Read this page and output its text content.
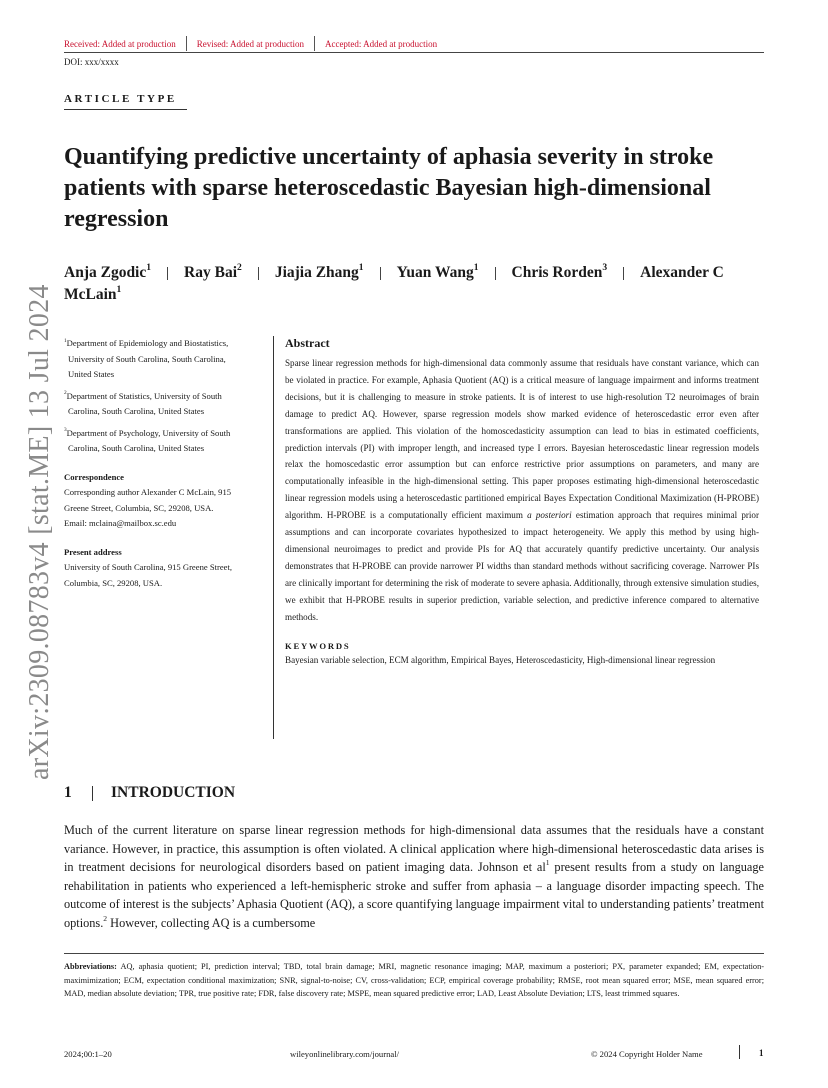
Received: Added at production	Revised: Added at production	Accepted: Added at production
DOI: xxx/xxxx
ARTICLE TYPE
Quantifying predictive uncertainty of aphasia severity in stroke patients with sparse heteroscedastic Bayesian high-dimensional regression
Anja Zgodic$^1$ Ray Bai$^2$ Jiajia Zhang$^1$ Yuan Wang$^1$ Chris Rorden$^3$ Alexander C McLain$^1$
arXiv:2309.08783v4 [stat.ME] 13 Jul 2024 $^1$Department of Epidemiology and Biostatistics,
University of South Carolina, South Carolina,
United States
$^2$Department of Statistics, University of South
Carolina, South Carolina, United States
$^3$Department of Psychology, University of South
Carolina, South Carolina, United States
Correspondence
Corresponding author Alexander C McLain, 915
Greene Street, Columbia, SC, 29208, USA.
Email: mclaina@mailbox.sc.edu
Present address
University of South Carolina, 915 Greene Street,
Columbia, SC, 29208, USA.
Abstract

Sparse linear regression methods for high-dimensional data commonly assume that residuals have constant variance, which can be violated in practice. For example, Aphasia Quotient (AQ) is a critical measure of language impairment and informs treatment decisions, but it is challenging to measure in stroke patients. It is of interest to use high-resolution T2 neuroimages of brain damage to predict AQ. However, sparse regression models show marked evidence of heteroscedastic error even after transformations are applied. This violation of the homoscedasticity assumption can lead to bias in estimated coefficients, prediction intervals (PI) with improper length, and increased type I errors. Bayesian heteroscedastic linear regression models relax the homoscedastic error assumption but can enforce restrictive prior assumptions on parameters, and many are computationally infeasible in the high-dimensional setting. This paper proposes estimating high-dimensional heteroscedastic linear regression models using a heteroscedastic partitioned empirical Bayes Expectation Conditional Maximization (H-PROBE) algorithm. H-PROBE is a computationally efficient maximum a posteriori estimation approach that requires minimal prior assumptions and can incorporate covariates hypothesized to impact heterogeneity. We apply this method by using high-dimensional neuroimages to predict and provide PIs for AQ that accurately quantify predictive uncertainty. Our analysis demonstrates that H-PROBE can provide narrower PI widths than standard methods without sacrificing coverage. Narrower PIs are clinically important for determining the risk of moderate to severe aphasia. Additionally, through extensive simulation studies, we exhibit that H-PROBE results in superior prediction, variable selection, and predictive inference compared to alternative methods.

KEYWORDS
Bayesian variable selection, ECM algorithm, Empirical Bayes, Heteroscedasticity, High-dimensional linear regression
1	INTRODUCTION

Much of the current literature on sparse linear regression methods for high-dimensional data assumes that the residuals have a constant variance. However, in practice, this assumption is often violated. A clinical application where high-dimensional heteroscedastic data arises is in treatment decisions for neurological disorders based on patient imaging data. Johnson et $al^1$ present results from a study on language rehabilitation in patients who experienced a left-hemispheric stroke and suffer from aphasia – a language disorder impacting speech. The outcome of interest is the subjects’ Aphasia Quotient (AQ), a score quantifying language impairment vital to understanding patients’ treatment options.$^2$ However, collecting AQ is a cumbersome

Abbreviations: AQ, aphasia quotient; PI, prediction interval; TBD, total brain damage; MRI, magnetic resonance imaging; MAP, maximum a posteriori; PX, parameter expanded; EM, expectation-maximimization; ECM, expectation conditional maximization; SNR, signal-to-noise; CV, cross-validation; ECP, empirical coverage probability; RMSE, root mean squared error; MSE, mean squared error; MAD, median absolute deviation; TPR, true positive rate; FDR, false discovery rate; MSPE, mean squared predictive error; LAD, Least Absolute Deviation; LTS, least trimmed squares.

2024;00:1–20	wileyonlinelibrary.com/journal/	© 2024 Copyright Holder Name	1
